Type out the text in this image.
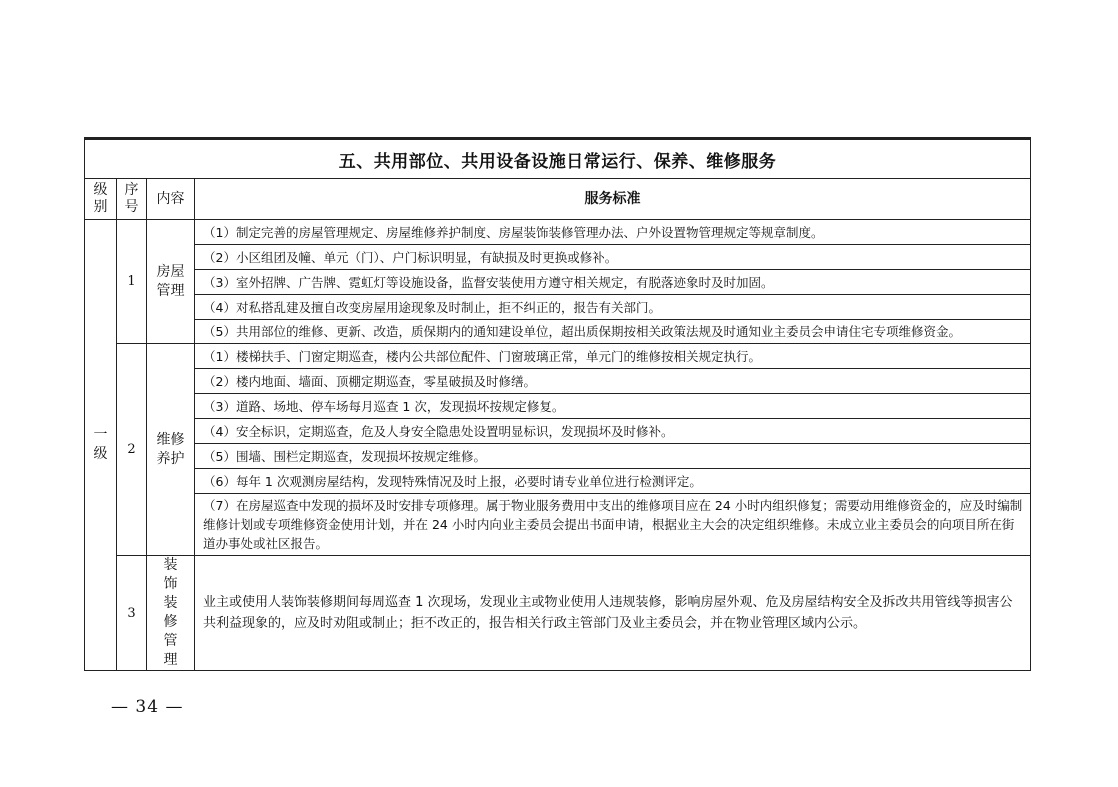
五、共用部位、共用设备设施日常运行、保养、维修服务			
级别	序号	内容	服务标准
一级	1	房屋管理	（1）制定完善的房屋管理规定、房屋维修养护制度、房屋装饰装修管理办法、户外设置物管理规定等规章制度。
			（2）小区组团及幢、单元（门）、户门标识明显，有缺损及时更换或修补。
			（3）室外招牌、广告牌、霓虹灯等设施设备，监督安装使用方遵守相关规定，有脱落迹象时及时加固。
			（4）对私搭乱建及擅自改变房屋用途现象及时制止，拒不纠正的，报告有关部门。
			（5）共用部位的维修、更新、改造，质保期内的通知建设单位，超出质保期按相关政策法规及时通知业主委员会申请住宅专项维修资金。
	2	维修养护	（1）楼梯扶手、门窗定期巡查，楼内公共部位配件、门窗玻璃正常，单元门的维修按相关规定执行。
			（2）楼内地面、墙面、顶棚定期巡查，零星破损及时修缮。
			（3）道路、场地、停车场每月巡查 1 次，发现损坏按规定修复。
			（4）安全标识，定期巡查，危及人身安全隐患处设置明显标识，发现损坏及时修补。
			（5）围墙、围栏定期巡查，发现损坏按规定维修。
			（6）每年 1 次观测房屋结构，发现特殊情况及时上报，必要时请专业单位进行检测评定。
			（7）在房屋巡查中发现的损坏及时安排专项修理。属于物业服务费用中支出的维修项目应在 24 小时内组织修复；需要动用维修资金的，应及时编制维修计划或专项维修资金使用计划，并在 24 小时内向业主委员会提出书面申请，根据业主大会的决定组织维修。未成立业主委员会的向项目所在街道办事处或社区报告。
	3	装饰装修管理	业主或使用人装饰装修期间每周巡查 1 次现场，发现业主或物业使用人违规装修，影响房屋外观、危及房屋结构安全及拆改共用管线等损害公共利益现象的，应及时劝阻或制止；拒不改正的，报告相关行政主管部门及业主委员会，并在物业管理区域内公示。
— 34 —
